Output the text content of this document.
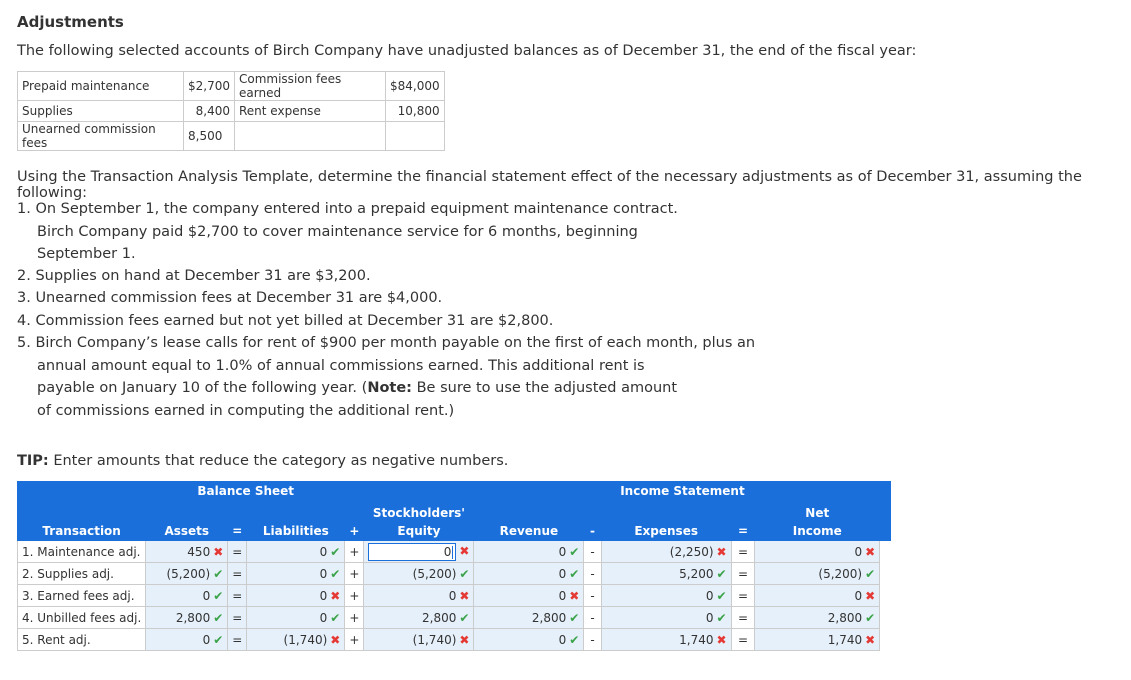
Adjustments
The following selected accounts of Birch Company have unadjusted balances as of December 31, the end of the fiscal year:
Prepaid maintenance	$2,700	Commission fees earned	$84,000
Supplies	8,400	Rent expense	10,800
Unearned commission fees	8,500		
Using the Transaction Analysis Template, determine the financial statement effect of the necessary adjustments as of December 31, assuming the following:
1. On September 1, the company entered into a prepaid equipment maintenance contract.
Birch Company paid $2,700 to cover maintenance service for 6 months, beginning
September 1.
2. Supplies on hand at December 31 are $3,200.
3. Unearned commission fees at December 31 are $4,000.
4. Commission fees earned but not yet billed at December 31 are $2,800.
5. Birch Company’s lease calls for rent of $900 per month payable on the first of each month, plus an
annual amount equal to 1.0% of annual commissions earned. This additional rent is
payable on January 10 of the following year. (Note: Be sure to use the adjusted amount
of commissions earned in computing the additional rent.)
TIP: Enter amounts that reduce the category as negative numbers.
Balance Sheet						Income Statement					
					Stockholders'					Net	
Transaction	Assets	=	Liabilities	+	Equity	Revenue	-	Expenses	=	Income	
1. Maintenance adj.	450 ✖	=	0 ✔	+	0 ✖	0 ✔	-	(2,250) ✖	=	0 ✖	
2. Supplies adj.	(5,200) ✔	=	0 ✔	+	(5,200) ✔	0 ✔	-	5,200 ✔	=	(5,200) ✔	
3. Earned fees adj.	0 ✔	=	0 ✖	+	0 ✖	0 ✖	-	0 ✔	=	0 ✖	
4. Unbilled fees adj.	2,800 ✔	=	0 ✔	+	2,800 ✔	2,800 ✔	-	0 ✔	=	2,800 ✔	
5. Rent adj.	0 ✔	=	(1,740) ✖	+	(1,740) ✖	0 ✔	-	1,740 ✖	=	1,740 ✖	
